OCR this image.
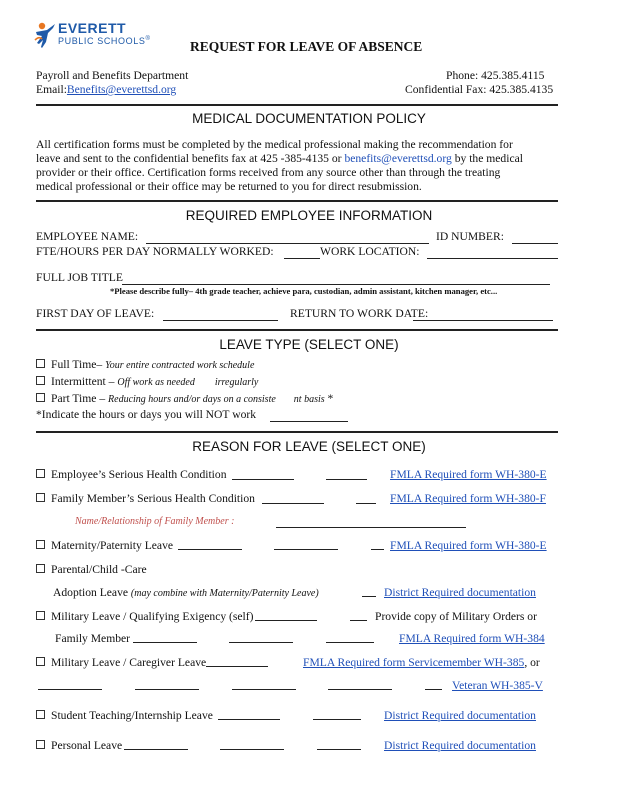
EVERETT
PUBLIC SCHOOLS®	REQUEST FOR LEAVE OF ABSENCE
Payroll and Benefits Department
Email:Benefits@everettsd.org
Phone: 425.385.4115
Confidential Fax: 425.385.4135
MEDICAL DOCUMENTATION POLICY
All certification forms must be completed by the medical professional making the recommendation for
leave and sent to the confidential benefits fax at 425 -385-4135 or benefits@everettsd.org by the medical
provider or their office. Certification forms received from any source other than through the treating
medical professional or their office may be returned to you for direct resubmission.
REQUIRED EMPLOYEE INFORMATION
EMPLOYEE NAME:	ID NUMBER:
FTE/HOURS PER DAY NORMALLY WORKED:	WORK LOCATION:
FULL JOB TITLE
*Please describe fully– 4th grade teacher, achieve para, custodian, admin assistant, kitchen manager, etc...
FIRST DAY OF LEAVE:	RETURN TO WORK DATE:
LEAVE TYPE (SELECT ONE)
Full Time– Your entire contracted work schedule
Intermittent – Off work as needed irregularly
Part Time – Reducing hours and/or days on a consiste nt basis *
*Indicate the hours or days you will NOT work
REASON FOR LEAVE (SELECT ONE)
Employee’s Serious Health Condition	FMLA Required form WH-380-E
Family Member’s Serious Health Condition	FMLA Required form WH-380-F
Name/Relationship of Family Member :
Maternity/Paternity Leave	FMLA Required form WH-380-E
Parental/Child -Care
Adoption Leave (may combine with Maternity/Paternity Leave)	District Required documentation
Military Leave / Qualifying Exigency (self)	Provide copy of Military Orders or
Family Member	FMLA Required form WH-384
Military Leave / Caregiver Leave	FMLA Required form Servicemember WH-385, or
Veteran WH-385-V
Student Teaching/Internship Leave	District Required documentation
Personal Leave	District Required documentation
